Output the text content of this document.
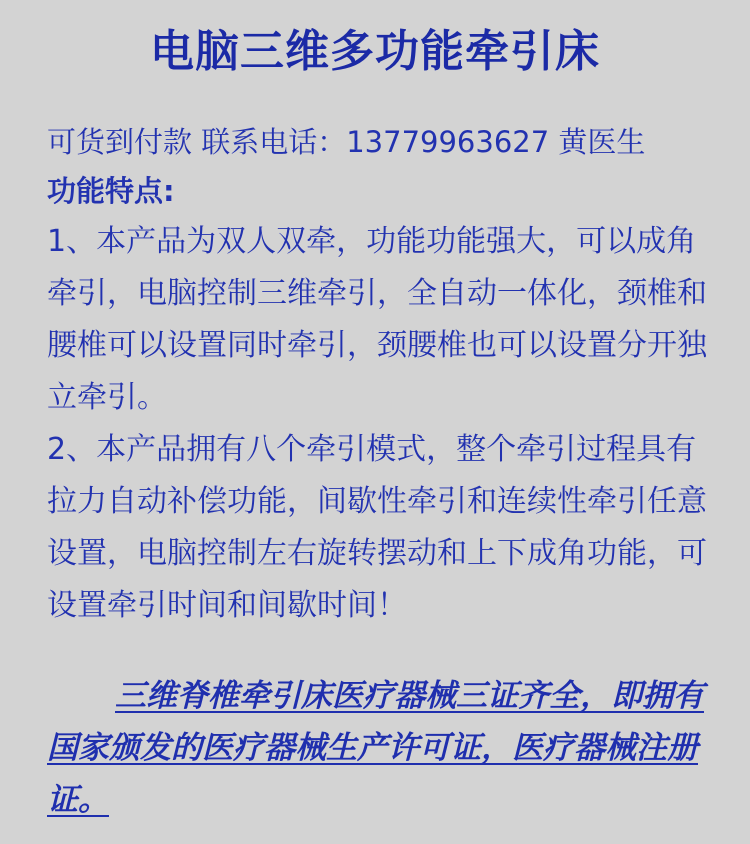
电脑三维多功能牵引床
可货到付款 联系电话：13779963627 黄医生
功能特点:

1、本产品为双人双牵，功能功能强大，可以成角牵引，电脑控制三维牵引，全自动一体化，颈椎和腰椎可以设置同时牵引，颈腰椎也可以设置分开独立牵引。

2、本产品拥有八个牵引模式，整个牵引过程具有拉力自动补偿功能，间歇性牵引和连续性牵引任意设置，电脑控制左右旋转摆动和上下成角功能，可设置牵引时间和间歇时间！

三维脊椎牵引床医疗器械三证齐全，即拥有国家颁发的医疗器械生产许可证，医疗器械注册证。
